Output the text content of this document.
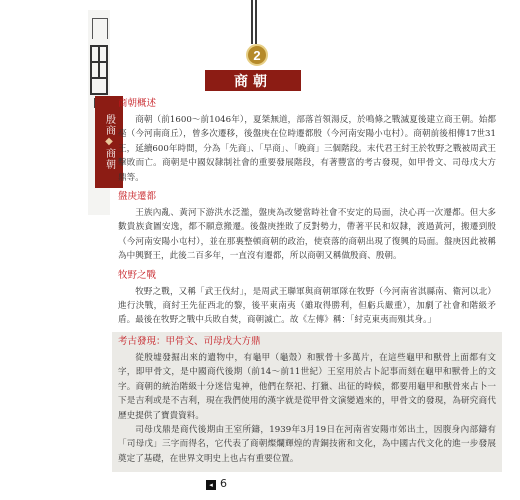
殷商
◆
商朝
2
商朝
商朝概述

商朝（前1600～前1046年），夏桀無道，部落首領湯反，於鳴條之戰滅夏後建立商王朝。始都亳（今河南商丘），曾多次遷移，後盤庚在位時遷都殷（今河南安陽小屯村）。商朝前後相傳17世31王，延續600年時間，分為「先商」、「早商」、「晚商」三個階段。末代君王紂王於牧野之戰被周武王擊敗而亡。商朝是中國奴隸制社會的重要發展階段，有著豐富的考古發現，如甲骨文、司母戊大方鼎等。

盤庚遷都

王族內亂、黃河下游洪水泛濫，盤庚為改變當時社會不安定的局面，決心再一次遷都。但大多數貴族貪圖安逸，都不願意搬遷。後盤庚挫敗了反對勢力，帶著平民和奴隸，渡過黃河，搬遷到殷（今河南安陽小屯村），並在那裏整頓商朝的政治，使衰落的商朝出現了復興的局面。盤庚因此被稱為中興賢王，此後二百多年，一直沒有遷都，所以商朝又稱做殷商、殷朝。

牧野之戰

牧野之戰，又稱「武王伐紂」，是周武王聯軍與商朝軍隊在牧野（今河南省淇縣南、衛河以北）進行決戰，商紂王先征西北的黎，後平東南夷（雖取得勝利，但虧兵嚴重），加劇了社會和階級矛盾。最後在牧野之戰中兵敗自焚，商朝滅亡。故《左傳》稱：「紂克東夷而殞其身。」

考古發現：甲骨文、司母戊大方鼎

從殷墟發掘出來的遺物中，有龜甲（龜殼）和獸骨十多萬片，在這些龜甲和獸骨上面都有文字，即甲骨文，是中國商代後期（前14～前11世紀）王室用於占卜記事而刻在龜甲和獸骨上的文字。商朝的統治階級十分迷信鬼神，他們在祭祀、打獵、出征的時候，都要用龜甲和獸骨來占卜一下是吉利或是不吉利，現在我們使用的漢字就是從甲骨文演變過來的，甲骨文的發現，為研究商代歷史提供了寶貴資料。

司母戊鼎是商代後期由王室所鑄，1939年3月19日在河南省安陽市郊出土，因腹身內部鑄有「司母戊」三字而得名，它代表了商朝燦爛輝煌的青銅技術和文化，為中國古代文化的進一步發展奠定了基礎，在世界文明史上也占有重要位置。

◂ 6
